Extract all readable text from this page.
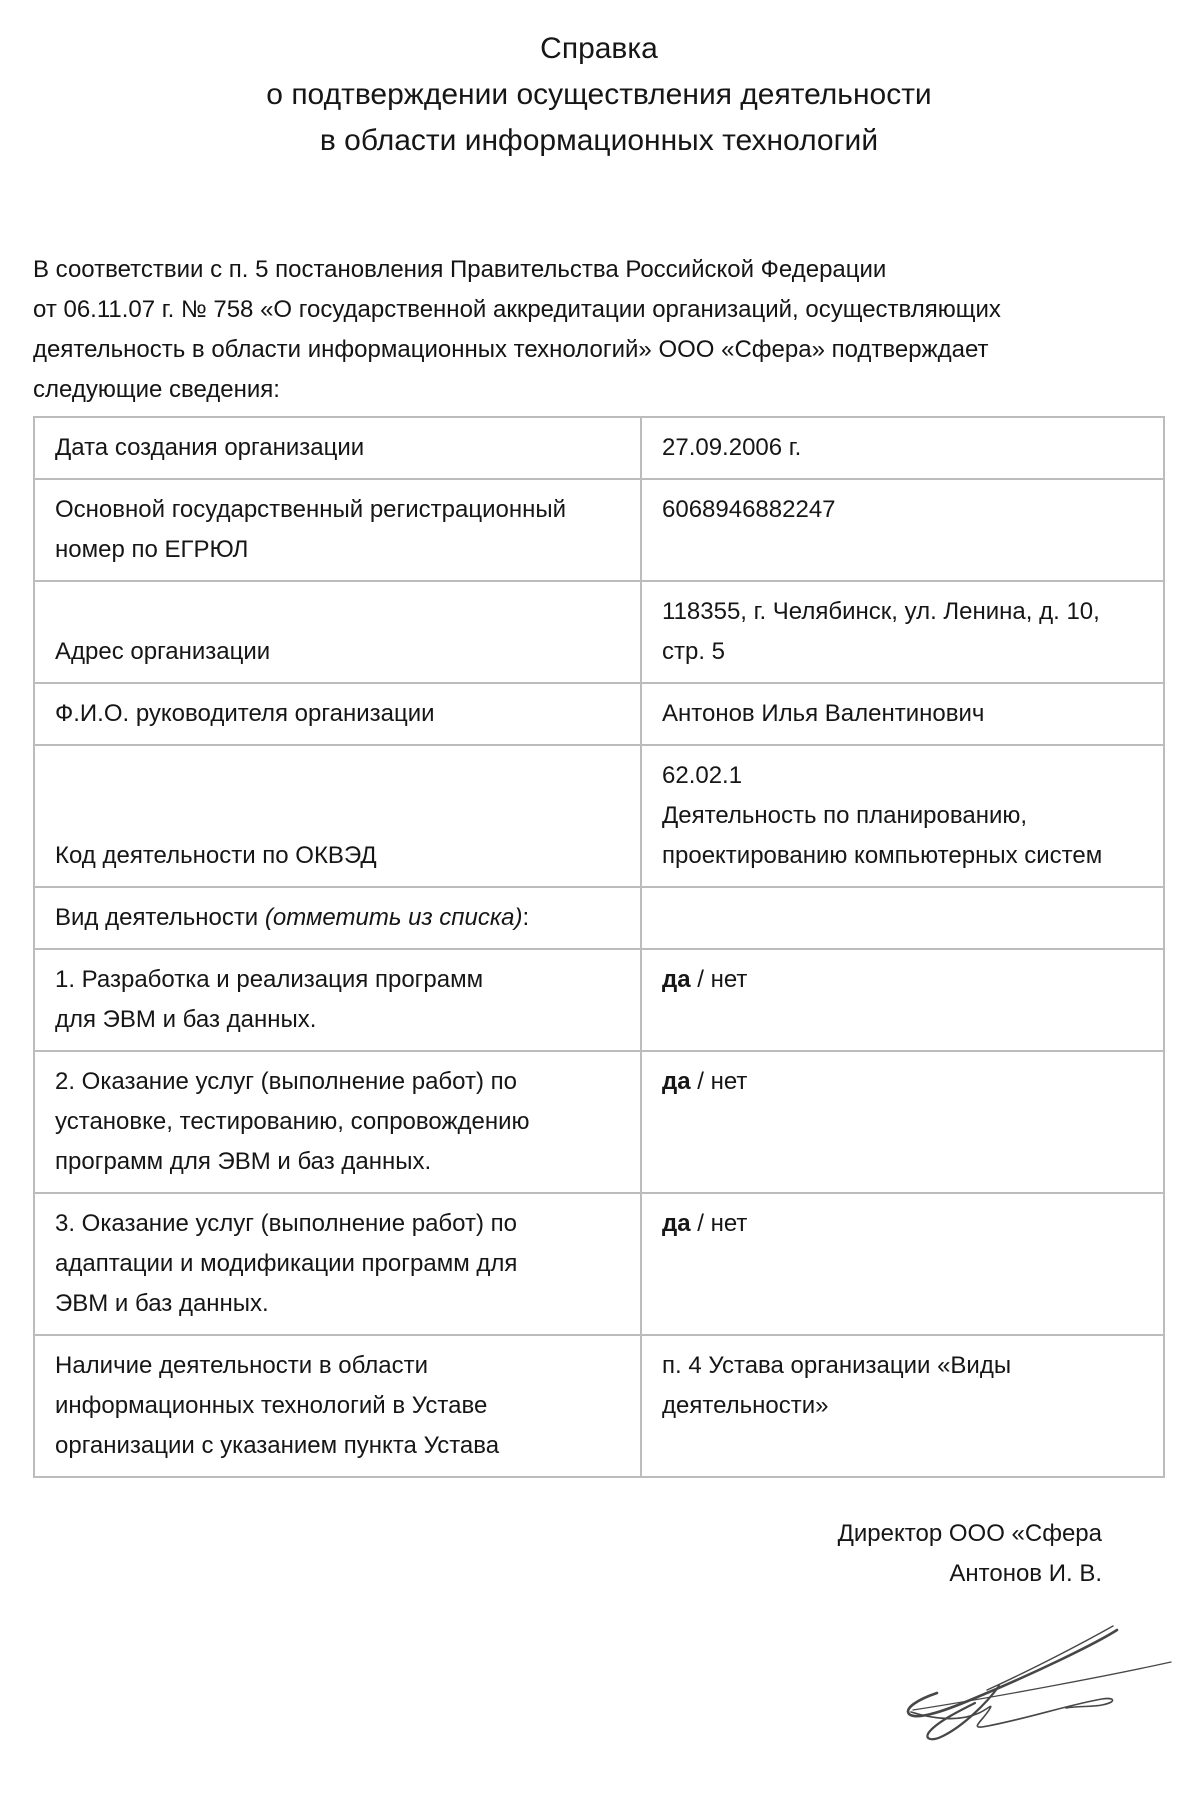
Справка
о подтверждении осуществления деятельности
в области информационных технологий
В соответствии с п. 5 постановления Правительства Российской Федерации
от 06.11.07 г. № 758 «О государственной аккредитации организаций, осуществляющих
деятельность в области информационных технологий» ООО «Сфера» подтверждает
следующие сведения:
Дата создания организации	27.09.2006 г.
Основной государственный регистрационный
номер по ЕГРЮЛ	6068946882247
Адрес организации	118355, г. Челябинск, ул. Ленина, д. 10,
стр. 5
Ф.И.О. руководителя организации	Антонов Илья Валентинович
Код деятельности по ОКВЭД	62.02.1
Деятельность по планированию,
проектированию компьютерных систем
Вид деятельности (отметить из списка):	
1. Разработка и реализация программ
для ЭВМ и баз данных.	да / нет
2. Оказание услуг (выполнение работ) по
установке, тестированию, сопровождению
программ для ЭВМ и баз данных.	да / нет
3. Оказание услуг (выполнение работ) по
адаптации и модификации программ для
ЭВМ и баз данных.	да / нет
Наличие деятельности в области
информационных технологий в Уставе
организации с указанием пункта Устава	п. 4 Устава организации «Виды
деятельности»
Директор ООО «Сфера
Антонов И. В.
